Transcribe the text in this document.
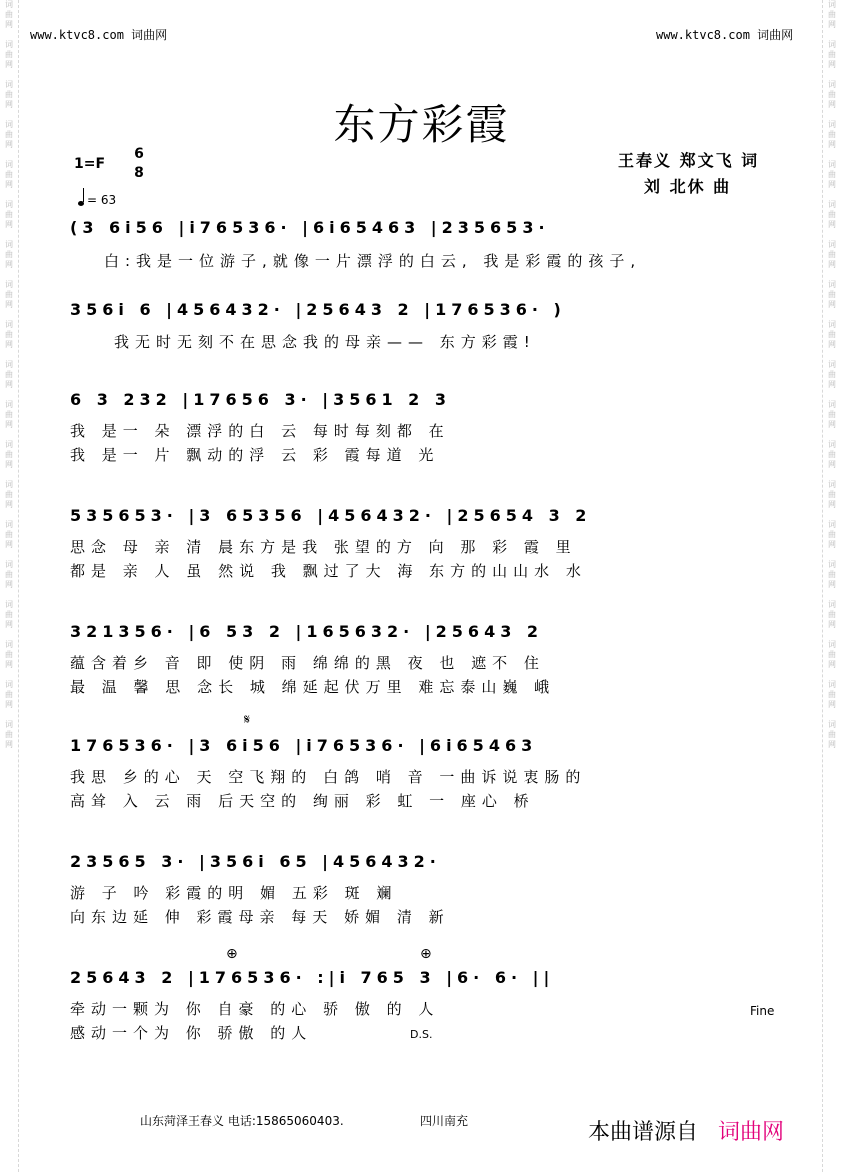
词
曲
网
词
曲
网
词
曲
网
词
曲
网
词
曲
网
词
曲
网
词
曲
网
词
曲
网
词
曲
网
词
曲
网
词
曲
网
词
曲
网
词
曲
网
词
曲
网
词
曲
网
词
曲
网
词
曲
网
词
曲
网
词
曲
网
词
曲
网
词
曲
网
词
曲
网
词
曲
网
词
曲
网
词
曲
网
词
曲
网
词
曲
网
词
曲
网
词
曲
网
词
曲
网
词
曲
网
词
曲
网
词
曲
网
词
曲
网
词
曲
网
词
曲
网
词
曲
网
词
曲
网
www.ktvc8.com 词曲网	www.ktvc8.com 词曲网
东方彩霞
1=F
6
8
= 63
王春义 郑文飞 词
刘 北休 曲
(3 6i56 |i76536· |6i65463 |235653·
白:我是一位游子,就像一片漂浮的白云, 我是彩霞的孩子,
356i 6 |456432· |25643 2 |176536· )
我无时无刻不在思念我的母亲—— 东方彩霞!
6 3 232 |17656 3· |3561 2 3
我 是一 朵 漂浮的白 云 每时每刻都 在
我 是一 片 飘动的浮 云 彩 霞每道 光
535653· |3 65356 |456432· |25654 3 2
思念 母 亲 清 晨东方是我 张望的方 向 那 彩 霞 里
都是 亲 人 虽 然说 我 飘过了大 海 东方的山山水 水
321356· |6 53 2 |165632· |25643 2
蕴含着乡 音 即 使阴 雨 绵绵的黑 夜 也 遮不 住
最 温 馨 思 念长 城 绵延起伏万里 难忘泰山巍 峨
𝄋
176536· |3 6i56 |i76536· |6i65463
我思 乡的心 天 空飞翔的 白鸽 哨 音 一曲诉说衷肠的
高耸 入 云 雨 后天空的 绚丽 彩 虹 一 座心 桥
23565 3· |356i 65 |456432·
游 子 吟 彩霞的明 媚 五彩 斑 斓
向东边延 伸 彩霞母亲 每天 娇媚 清 新
⊕	⊕
25643 2 |176536· :|i 765 3 |6· 6· ||
牵动一颗为 你 自豪 的心 骄 傲 的 人
感动一个为 你 骄傲 的人
Fine
D.S.
山东菏泽王春义 电话:15865060403.	四川南充	本曲谱源自 词曲网
